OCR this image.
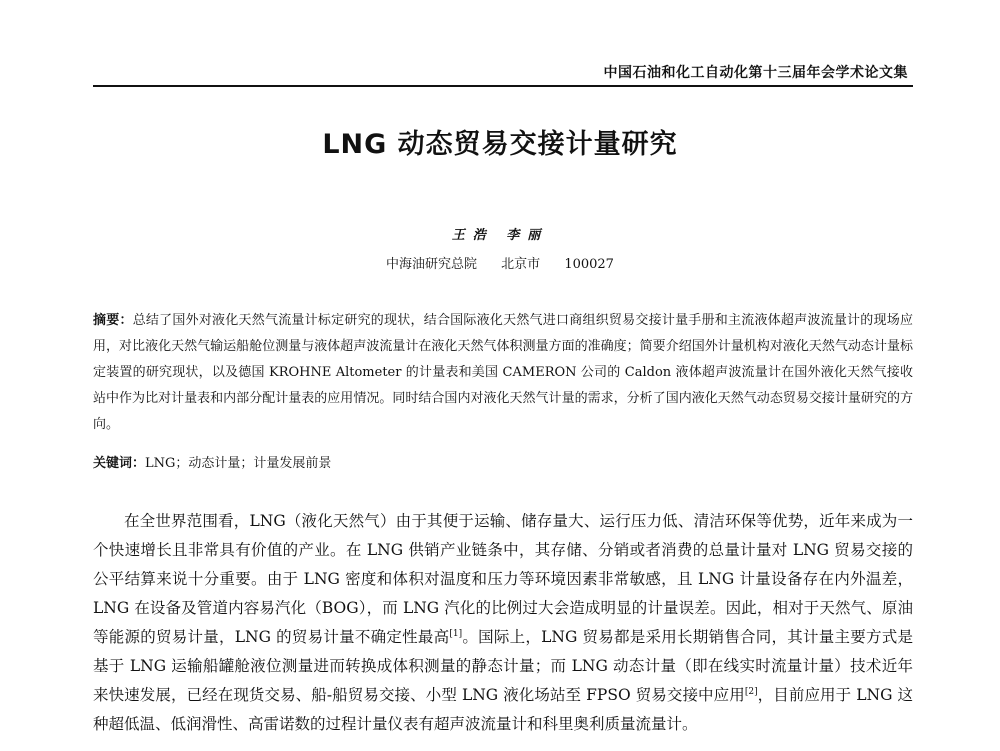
中国石油和化工自动化第十三届年会学术论文集
LNG 动态贸易交接计量研究
王浩 李丽
中海油研究总院 北京市 100027
摘要：总结了国外对液化天然气流量计标定研究的现状，结合国际液化天然气进口商组织贸易交接计量手册和主流液体超声波流量计的现场应用，对比液化天然气输运船舱位测量与液体超声波流量计在液化天然气体积测量方面的准确度；简要介绍国外计量机构对液化天然气动态计量标定装置的研究现状，以及德国 KROHNE Altometer 的计量表和美国 CAMERON 公司的 Caldon 液体超声波流量计在国外液化天然气接收站中作为比对计量表和内部分配计量表的应用情况。同时结合国内对液化天然气计量的需求，分析了国内液化天然气动态贸易交接计量研究的方向。
关键词：LNG；动态计量；计量发展前景
在全世界范围看，LNG（液化天然气）由于其便于运输、储存量大、运行压力低、清洁环保等优势，近年来成为一个快速增长且非常具有价值的产业。在 LNG 供销产业链条中，其存储、分销或者消费的总量计量对 LNG 贸易交接的公平结算来说十分重要。由于 LNG 密度和体积对温度和压力等环境因素非常敏感，且 LNG 计量设备存在内外温差，LNG 在设备及管道内容易汽化（BOG），而 LNG 汽化的比例过大会造成明显的计量误差。因此，相对于天然气、原油等能源的贸易计量，LNG 的贸易计量不确定性最高[1]。国际上，LNG 贸易都是采用长期销售合同，其计量主要方式是基于 LNG 运输船罐舱液位测量进而转换成体积测量的静态计量；而 LNG 动态计量（即在线实时流量计量）技术近年来快速发展，已经在现货交易、船-船贸易交接、小型 LNG 液化场站至 FPSO 贸易交接中应用[2]，目前应用于 LNG 这种超低温、低润滑性、高雷诺数的过程计量仪表有超声波流量计和科里奥利质量流量计。
